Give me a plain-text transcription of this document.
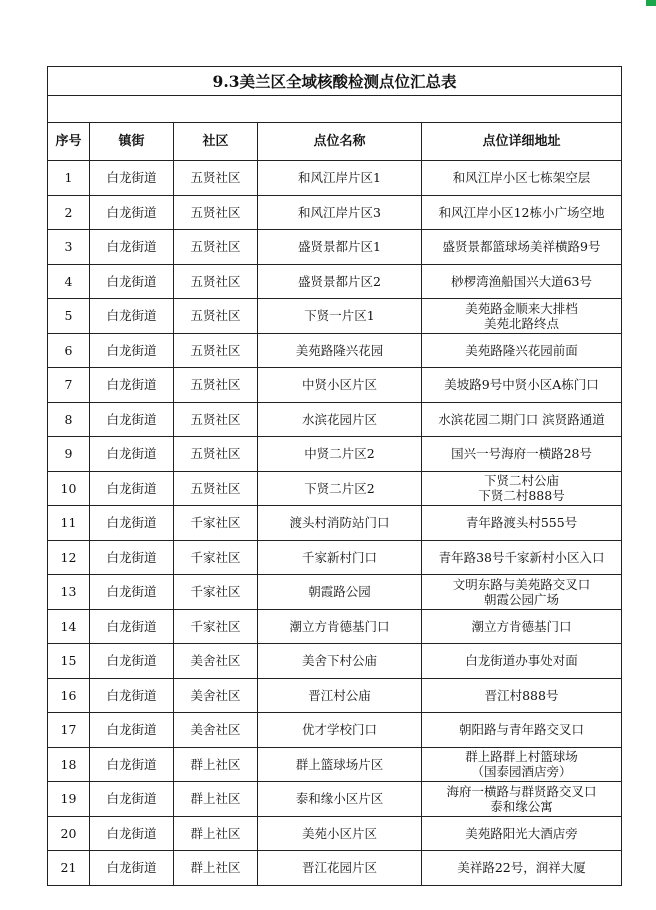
9.3美兰区全域核酸检测点位汇总表				

序号	镇街	社区	点位名称	点位详细地址
1	白龙街道	五贤社区	和风江岸片区1	和风江岸小区七栋架空层

2	白龙街道	五贤社区	和风江岸片区3	和风江岸小区12栋小广场空地

3	白龙街道	五贤社区	盛贤景都片区1	盛贤景都篮球场美祥横路9号

4	白龙街道	五贤社区	盛贤景都片区2	桫椤湾渔船国兴大道63号

5	白龙街道	五贤社区	下贤一片区1	美苑路金顺来大排档
美苑北路终点

6	白龙街道	五贤社区	美苑路隆兴花园	美苑路隆兴花园前面

7	白龙街道	五贤社区	中贤小区片区	美坡路9号中贤小区A栋门口

8	白龙街道	五贤社区	水滨花园片区	水滨花园二期门口 滨贤路通道

9	白龙街道	五贤社区	中贤二片区2	国兴一号海府一横路28号

10	白龙街道	五贤社区	下贤二片区2	下贤二村公庙
下贤二村888号

11	白龙街道	千家社区	渡头村消防站门口	青年路渡头村555号

12	白龙街道	千家社区	千家新村门口	青年路38号千家新村小区入口

13	白龙街道	千家社区	朝霞路公园	文明东路与美苑路交叉口
朝霞公园广场

14	白龙街道	千家社区	潮立方肯德基门口	潮立方肯德基门口

15	白龙街道	美舍社区	美舍下村公庙	白龙街道办事处对面

16	白龙街道	美舍社区	晋江村公庙	晋江村888号

17	白龙街道	美舍社区	优才学校门口	朝阳路与青年路交叉口

18	白龙街道	群上社区	群上篮球场片区	群上路群上村篮球场
（国泰园酒店旁）

19	白龙街道	群上社区	泰和缘小区片区	海府一横路与群贤路交叉口
泰和缘公寓

20	白龙街道	群上社区	美苑小区片区	美苑路阳光大酒店旁

21	白龙街道	群上社区	晋江花园片区	美祥路22号，润祥大厦
